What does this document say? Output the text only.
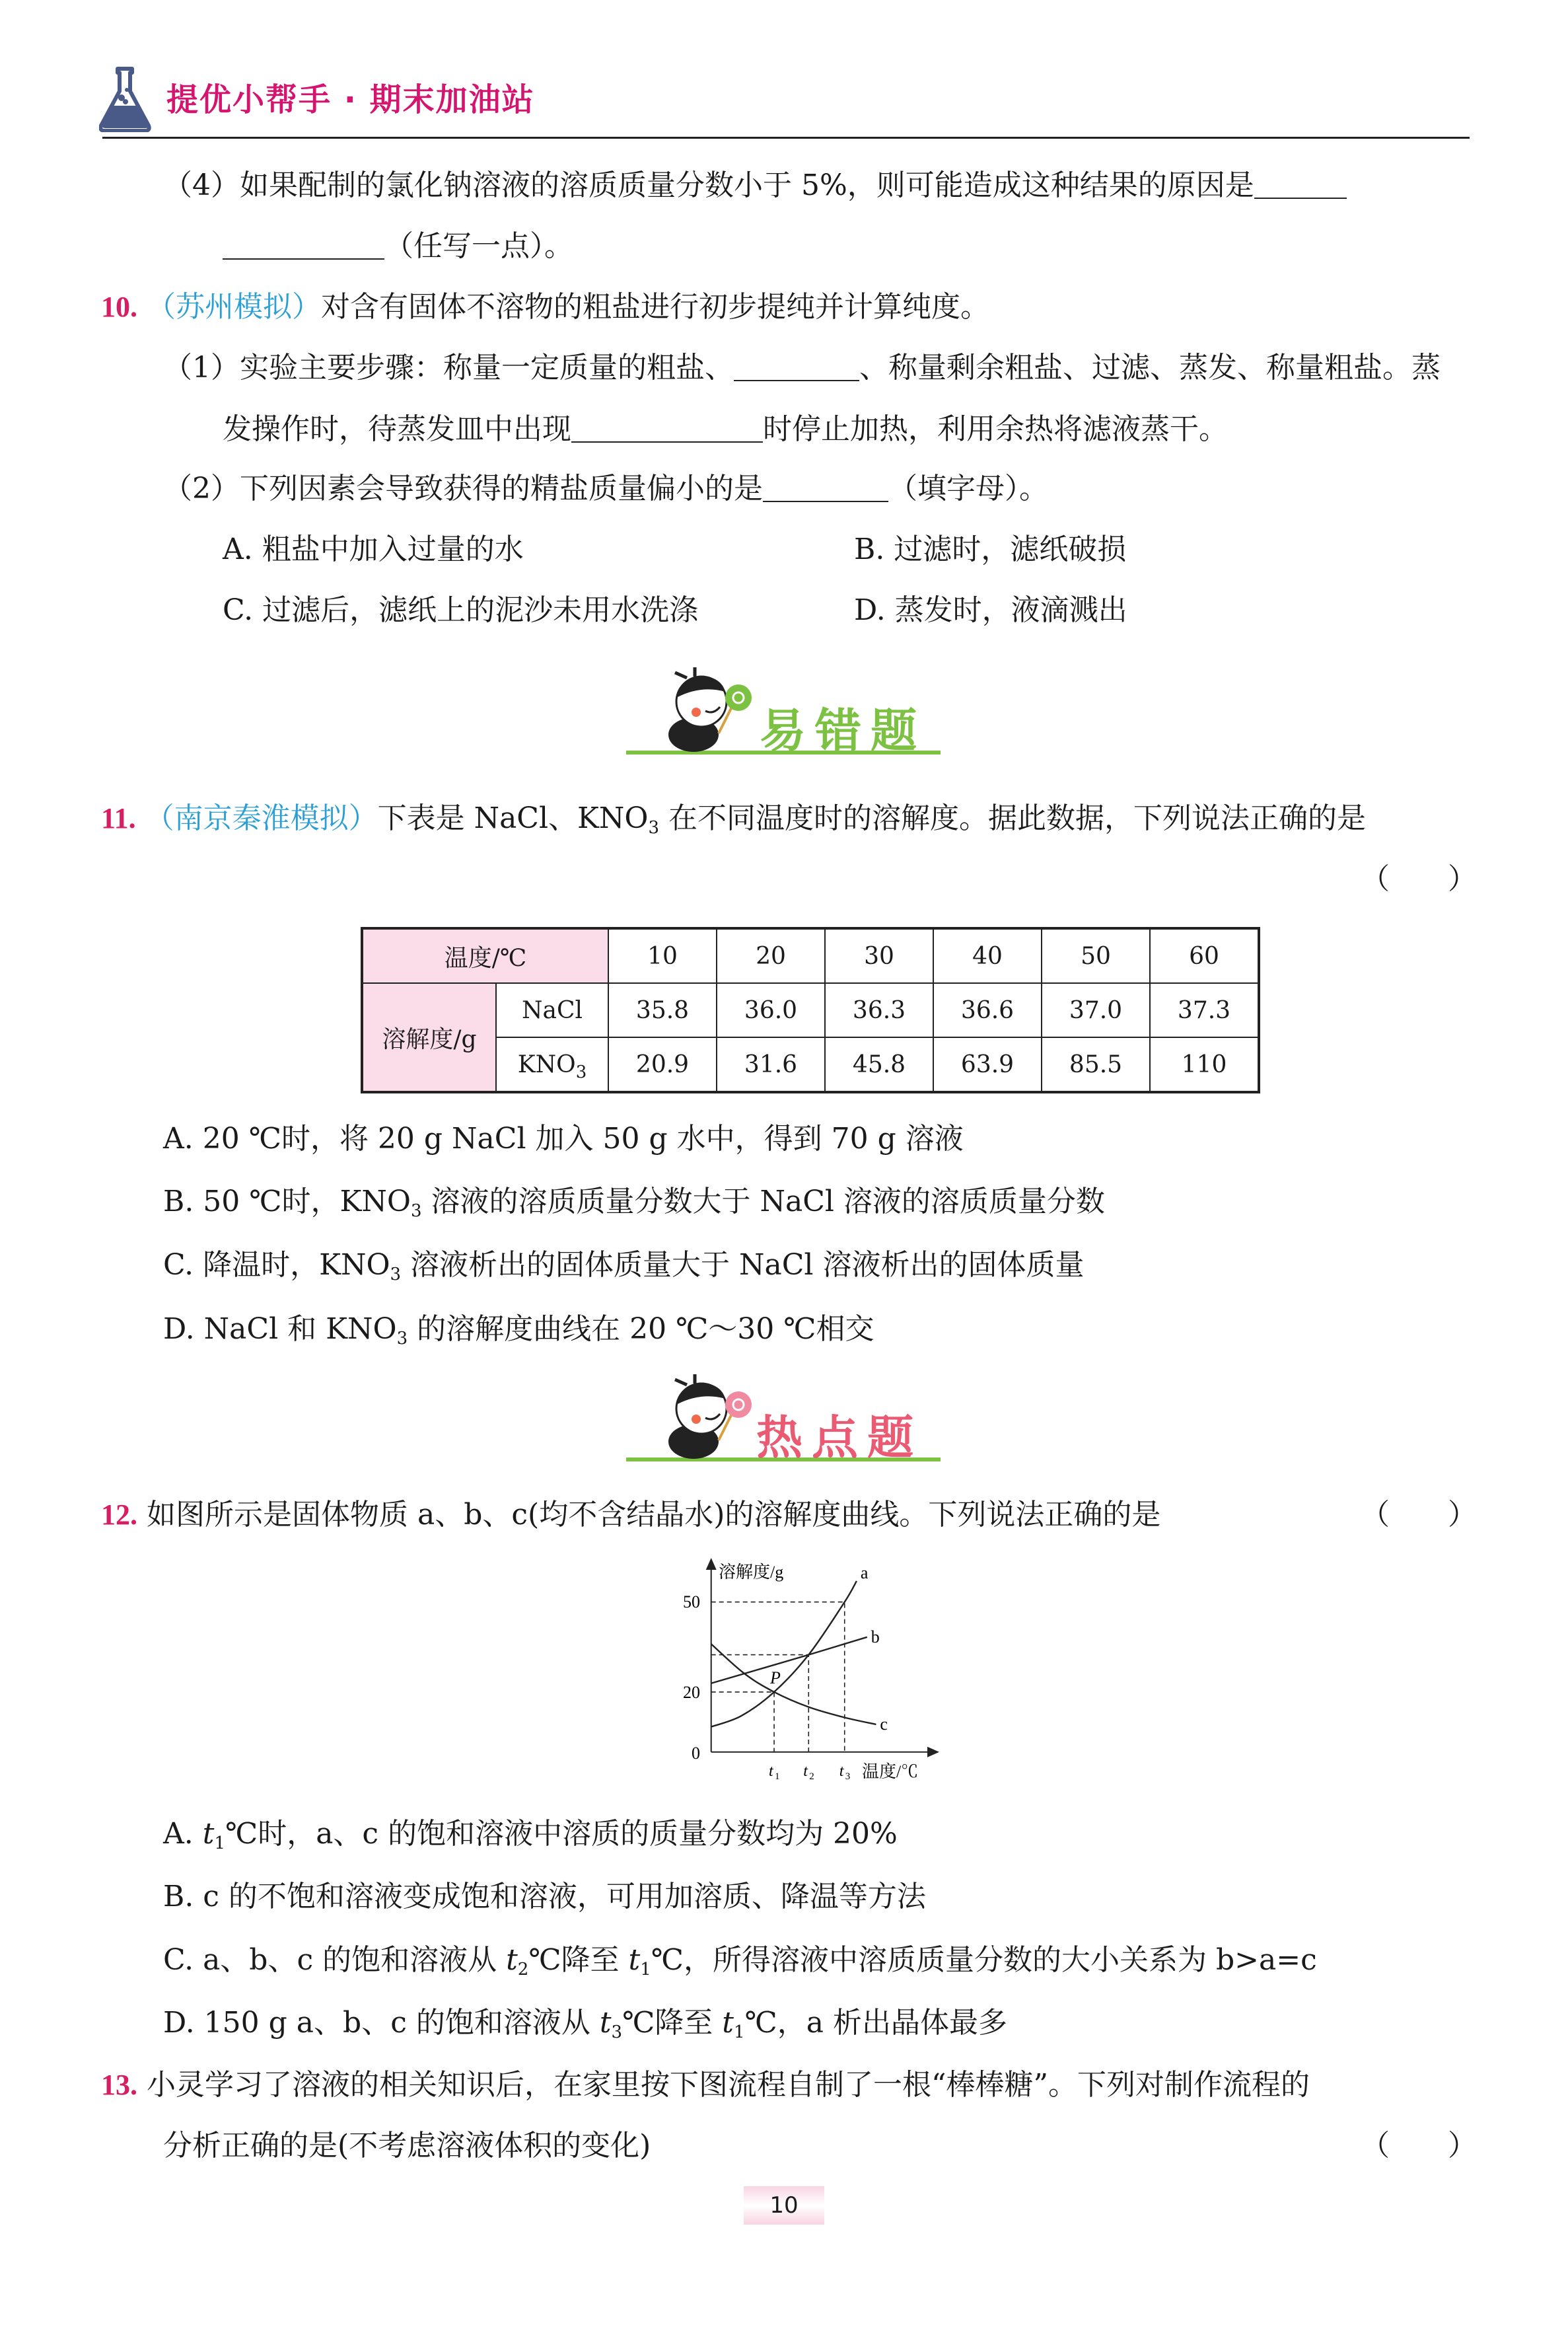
提优小帮手 · 期末加油站
（4）如果配制的氯化钠溶液的溶质质量分数小于 5%，则可能造成这种结果的原因是
（任写一点）。
10. （苏州模拟）对含有固体不溶物的粗盐进行初步提纯并计算纯度。
（1）实验主要步骤：称量一定质量的粗盐、	、称量剩余粗盐、过滤、蒸发、称量粗盐。蒸
发操作时，待蒸发皿中出现	时停止加热，利用余热将滤液蒸干。
（2）下列因素会导致获得的精盐质量偏小的是	（填字母）。
A. 粗盐中加入过量的水	B. 过滤时，滤纸破损
C. 过滤后，滤纸上的泥沙未用水洗涤	D. 蒸发时，液滴溅出
易错题
11. （南京秦淮模拟）下表是 NaCl、$KNO_3$ 在不同温度时的溶解度。据此数据，下列说法正确的是
（　　）
温度/℃		10	20	30	40	50	60
溶解度/g	NaCl	35.8	36.0	36.3	36.6	37.0	37.3
	$KNO_3$	20.9	31.6	45.8	63.9	85.5	110
A. 20 ℃时，将 20 g NaCl 加入 50 g 水中，得到 70 g 溶液
B. 50 ℃时，$KNO_3$ 溶液的溶质质量分数大于 NaCl 溶液的溶质质量分数
C. 降温时，$KNO_3$ 溶液析出的固体质量大于 NaCl 溶液析出的固体质量
D. NaCl 和 $KNO_3$ 的溶解度曲线在 20 ℃～30 ℃相交
热点题
12. 如图所示是固体物质 a、b、c(均不含结晶水)的溶解度曲线。下列说法正确的是	（　　）
溶解度/g
温度/℃
50
20
0
a
b
c
t 1 t 2 t 3
P
A. $t_1℃$时，a、c 的饱和溶液中溶质的质量分数均为 20%
B. c 的不饱和溶液变成饱和溶液，可用加溶质、降温等方法
C. a、b、c 的饱和溶液从 $t_2℃$降至 $t_1℃$，所得溶液中溶质质量分数的大小关系为 b>a=c
D. 150 g a、b、c 的饱和溶液从 $t_3℃$降至 $t_1℃$，a 析出晶体最多
13. 小灵学习了溶液的相关知识后，在家里按下图流程自制了一根“棒棒糖”。下列对制作流程的
分析正确的是(不考虑溶液体积的变化)	（　　）
10
